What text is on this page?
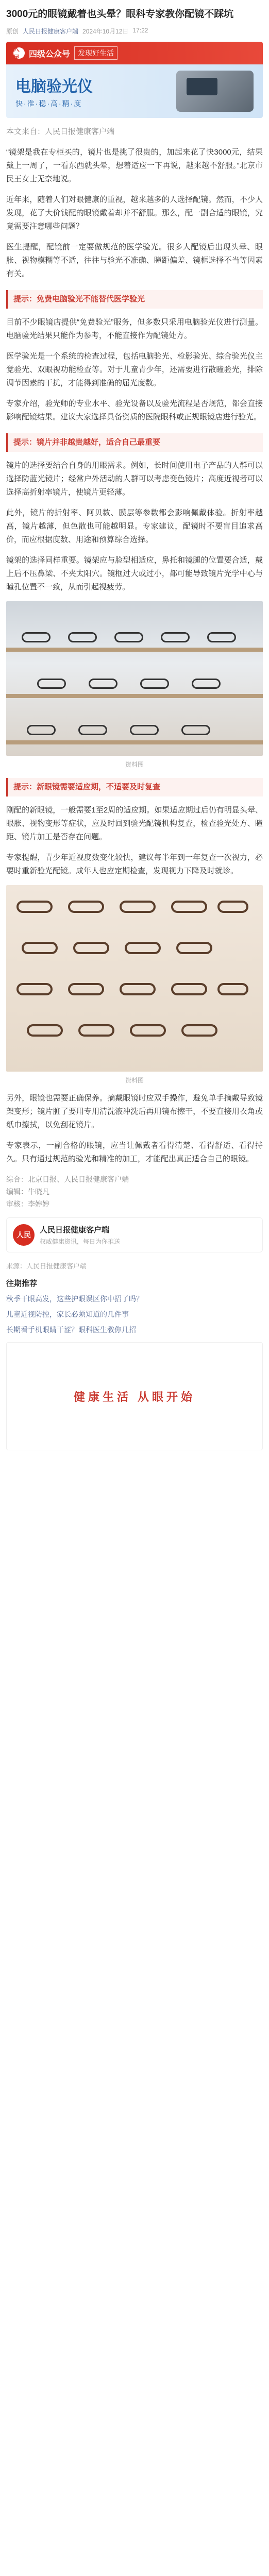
3000元的眼镜戴着也头晕？眼科专家教你配镜不踩坑
原创 人民日报健康客户端 2024年10月12日 17:22
人民	四级公众号	发现好生活
电脑验光仪
快·准·稳·高·精·度

本文来自：人民日报健康客户端

“镜架是我在专柜买的，镜片也是挑了很贵的，加起来花了快3000元，结果戴上一周了，一看东西就头晕，想着适应一下再说，越来越不舒服。”北京市民王女士无奈地说。

近年来，随着人们对眼健康的重视，越来越多的人选择配镜。然而，不少人发现，花了大价钱配的眼镜戴着却并不舒服。那么，配一副合适的眼镜，究竟需要注意哪些问题？

医生提醒，配镜前一定要做规范的医学验光。很多人配镜后出现头晕、眼胀、视物模糊等不适，往往与验光不准确、瞳距偏差、镜框选择不当等因素有关。

提示：免费电脑验光不能替代医学验光

目前不少眼镜店提供“免费验光”服务，但多数只采用电脑验光仪进行测量。电脑验光结果只能作为参考，不能直接作为配镜处方。

医学验光是一个系统的检查过程，包括电脑验光、检影验光、综合验光仪主觉验光、双眼视功能检查等。对于儿童青少年，还需要进行散瞳验光，排除调节因素的干扰，才能得到准确的屈光度数。

专家介绍，验光师的专业水平、验光设备以及验光流程是否规范，都会直接影响配镜结果。建议大家选择具备资质的医院眼科或正规眼镜店进行验光。

提示：镜片并非越贵越好，适合自己最重要

镜片的选择要结合自身的用眼需求。例如，长时间使用电子产品的人群可以选择防蓝光镜片；经常户外活动的人群可以考虑变色镜片；高度近视者可以选择高折射率镜片，使镜片更轻薄。

此外，镜片的折射率、阿贝数、膜层等参数都会影响佩戴体验。折射率越高，镜片越薄，但色散也可能越明显。专家建议，配镜时不要盲目追求高价，而应根据度数、用途和预算综合选择。

镜架的选择同样重要。镜架应与脸型相适应，鼻托和镜腿的位置要合适，戴上后不压鼻梁、不夹太阳穴。镜框过大或过小，都可能导致镜片光学中心与瞳孔位置不一致，从而引起视疲劳。

资料图
提示：新眼镜需要适应期，不适要及时复查

刚配的新眼镜，一般需要1至2周的适应期。如果适应期过后仍有明显头晕、眼胀、视物变形等症状，应及时回到验光配镜机构复查，检查验光处方、瞳距、镜片加工是否存在问题。

专家提醒，青少年近视度数变化较快，建议每半年到一年复查一次视力，必要时重新验光配镜。成年人也应定期检查，发现视力下降及时就诊。

资料图

另外，眼镜也需要正确保养。摘戴眼镜时应双手操作，避免单手摘戴导致镜架变形；镜片脏了要用专用清洗液冲洗后再用镜布擦干，不要直接用衣角或纸巾擦拭，以免刮花镜片。

专家表示，一副合格的眼镜，应当让佩戴者看得清楚、看得舒适、看得持久。只有通过规范的验光和精准的加工，才能配出真正适合自己的眼镜。

综合：北京日报、人民日报健康客户端
编辑：牛晓凡
审核：李婷婷
人民
人民日报健康客户端
权威健康资讯，每日为你推送
来源：人民日报健康客户端
往期推荐
秋季干眼高发，这些护眼误区你中招了吗？
儿童近视防控，家长必须知道的几件事
长期看手机眼睛干涩？眼科医生教你几招
健康生活 从眼开始
